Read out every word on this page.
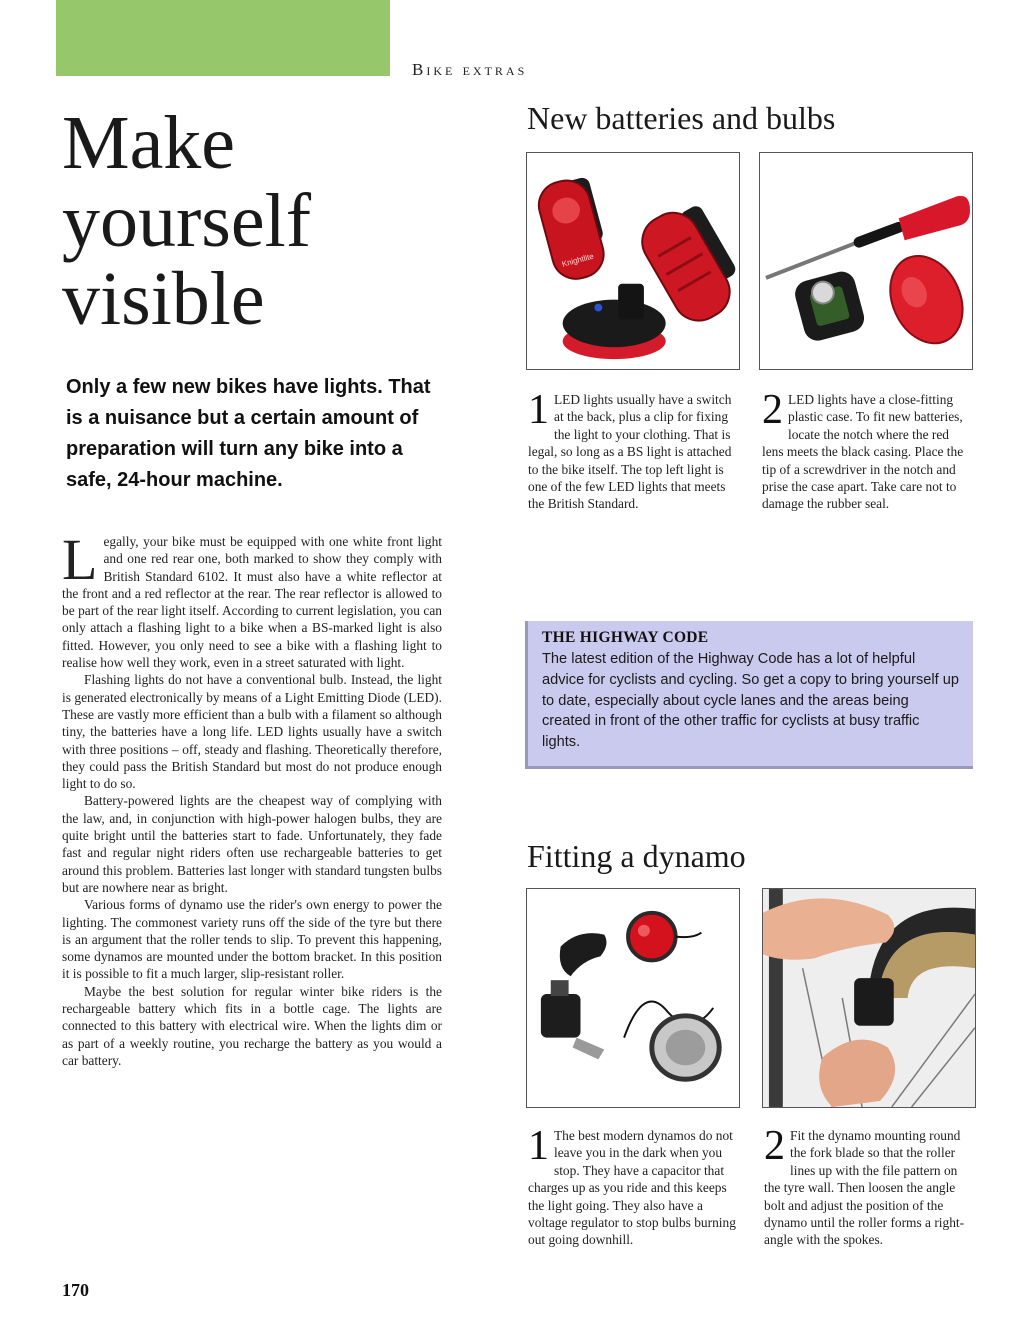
Bike extras
Make
yourself
visible

Only a few new bikes have lights. That is a nuisance but a certain amount of preparation will turn any bike into a safe, 24-hour machine.

Legally, your bike must be equipped with one white front light and one red rear one, both marked to show they comply with British Standard 6102. It must also have a white reflector at the front and a red reflector at the rear. The rear reflector is allowed to be part of the rear light itself. According to current legislation, you can only attach a flashing light to a bike when a BS-marked light is also fitted. However, you only need to see a bike with a flashing light to realise how well they work, even in a street saturated with light.

Flashing lights do not have a conventional bulb. Instead, the light is generated electronically by means of a Light Emitting Diode (LED). These are vastly more efficient than a bulb with a filament so although tiny, the batteries have a long life. LED lights usually have a switch with three positions – off, steady and flashing. Theoretically therefore, they could pass the British Standard but most do not produce enough light to do so.

Battery-powered lights are the cheapest way of complying with the law, and, in conjunction with high-power halogen bulbs, they are quite bright until the batteries start to fade. Unfortunately, they fade fast and regular night riders often use rechargeable batteries to get around this problem. Batteries last longer with standard tungsten bulbs but are nowhere near as bright.

Various forms of dynamo use the rider's own energy to power the lighting. The commonest variety runs off the side of the tyre but there is an argument that the roller tends to slip. To prevent this happening, some dynamos are mounted under the bottom bracket. In this position it is possible to fit a much larger, slip-resistant roller.

Maybe the best solution for regular winter bike riders is the rechargeable battery which fits in a bottle cage. The lights are connected to this battery with electrical wire. When the lights dim or as part of a weekly routine, you recharge the battery as you would a car battery.

New batteries and bulbs
Knightlite

1 LED lights usually have a switch at the back, plus a clip for fixing the light to your clothing. That is legal, so long as a BS light is attached to the bike itself. The top left light is one of the few LED lights that meets the British Standard.

2 LED lights have a close-fitting plastic case. To fit new batteries, locate the notch where the red lens meets the black casing. Place the tip of a screwdriver in the notch and prise the case apart. Take care not to damage the rubber seal.

THE HIGHWAY CODE

The latest edition of the Highway Code has a lot of helpful advice for cyclists and cycling. So get a copy to bring yourself up to date, especially about cycle lanes and the areas being created in front of the other traffic for cyclists at busy traffic lights.

Fitting a dynamo

1 The best modern dynamos do not leave you in the dark when you stop. They have a capacitor that charges up as you ride and this keeps the light going. They also have a voltage regulator to stop bulbs burning out going downhill.

2 Fit the dynamo mounting round the fork blade so that the roller lines up with the file pattern on the tyre wall. Then loosen the angle bolt and adjust the position of the dynamo until the roller forms a right-angle with the spokes.

170
